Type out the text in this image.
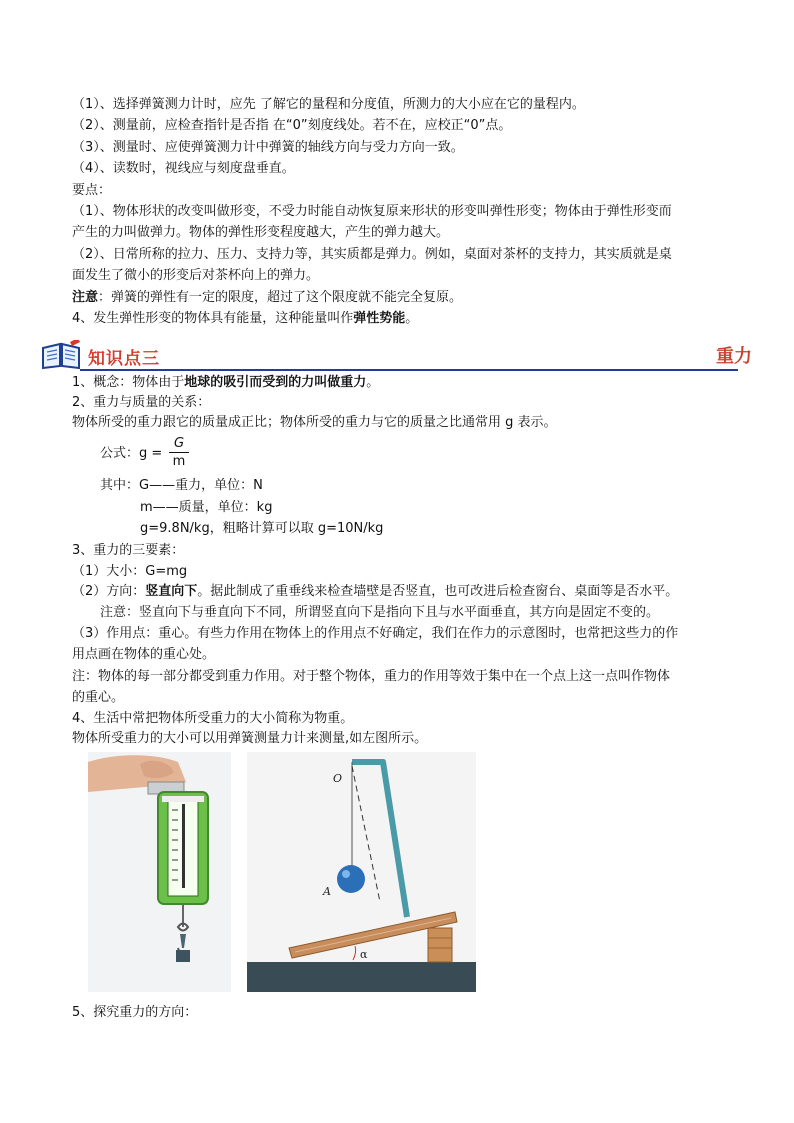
（1）、选择弹簧测力计时，应先 了解它的量程和分度值，所测力的大小应在它的量程内。
（2）、测量前，应检查指针是否指 在“0”刻度线处。若不在，应校正“0”点。
（3）、测量时、应使弹簧测力计中弹簧的轴线方向与受力方向一致。
（4）、读数时，视线应与刻度盘垂直。
要点：
（1）、物体形状的改变叫做形变，不受力时能自动恢复原来形状的形变叫弹性形变；物体由于弹性形变而
产生的力叫做弹力。物体的弹性形变程度越大，产生的弹力越大。
（2）、日常所称的拉力、压力、支持力等，其实质都是弹力。例如，桌面对茶杯的支持力，其实质就是桌
面发生了微小的形变后对茶杯向上的弹力。
注意：弹簧的弹性有一定的限度，超过了这个限度就不能完全复原。
4、发生弹性形变的物体具有能量，这种能量叫作弹性势能。
知识点三	重力
1、概念：物体由于地球的吸引而受到的力叫做重力。
2、重力与质量的关系：
物体所受的重力跟它的质量成正比；物体所受的重力与它的质量之比通常用 g 表示。
公式：g =
G
m
其中：G——重力，单位：N
m——质量，单位：kg
g=9.8N/kg，粗略计算可以取 g=10N/kg
3、重力的三要素：
（1）大小：G=mg
（2）方向：竖直向下。据此制成了重垂线来检查墙壁是否竖直，也可改进后检查窗台、桌面等是否水平。
注意：竖直向下与垂直向下不同，所谓竖直向下是指向下且与水平面垂直，其方向是固定不变的。
（3）作用点：重心。有些力作用在物体上的作用点不好确定，我们在作力的示意图时，也常把这些力的作
用点画在物体的重心处。
注：物体的每一部分都受到重力作用。对于整个物体，重力的作用等效于集中在一个点上这一点叫作物体
的重心。
4、生活中常把物体所受重力的大小简称为物重。
物体所受重力的大小可以用弹簧测量力计来测量,如左图所示。
O
A
α
5、探究重力的方向：
